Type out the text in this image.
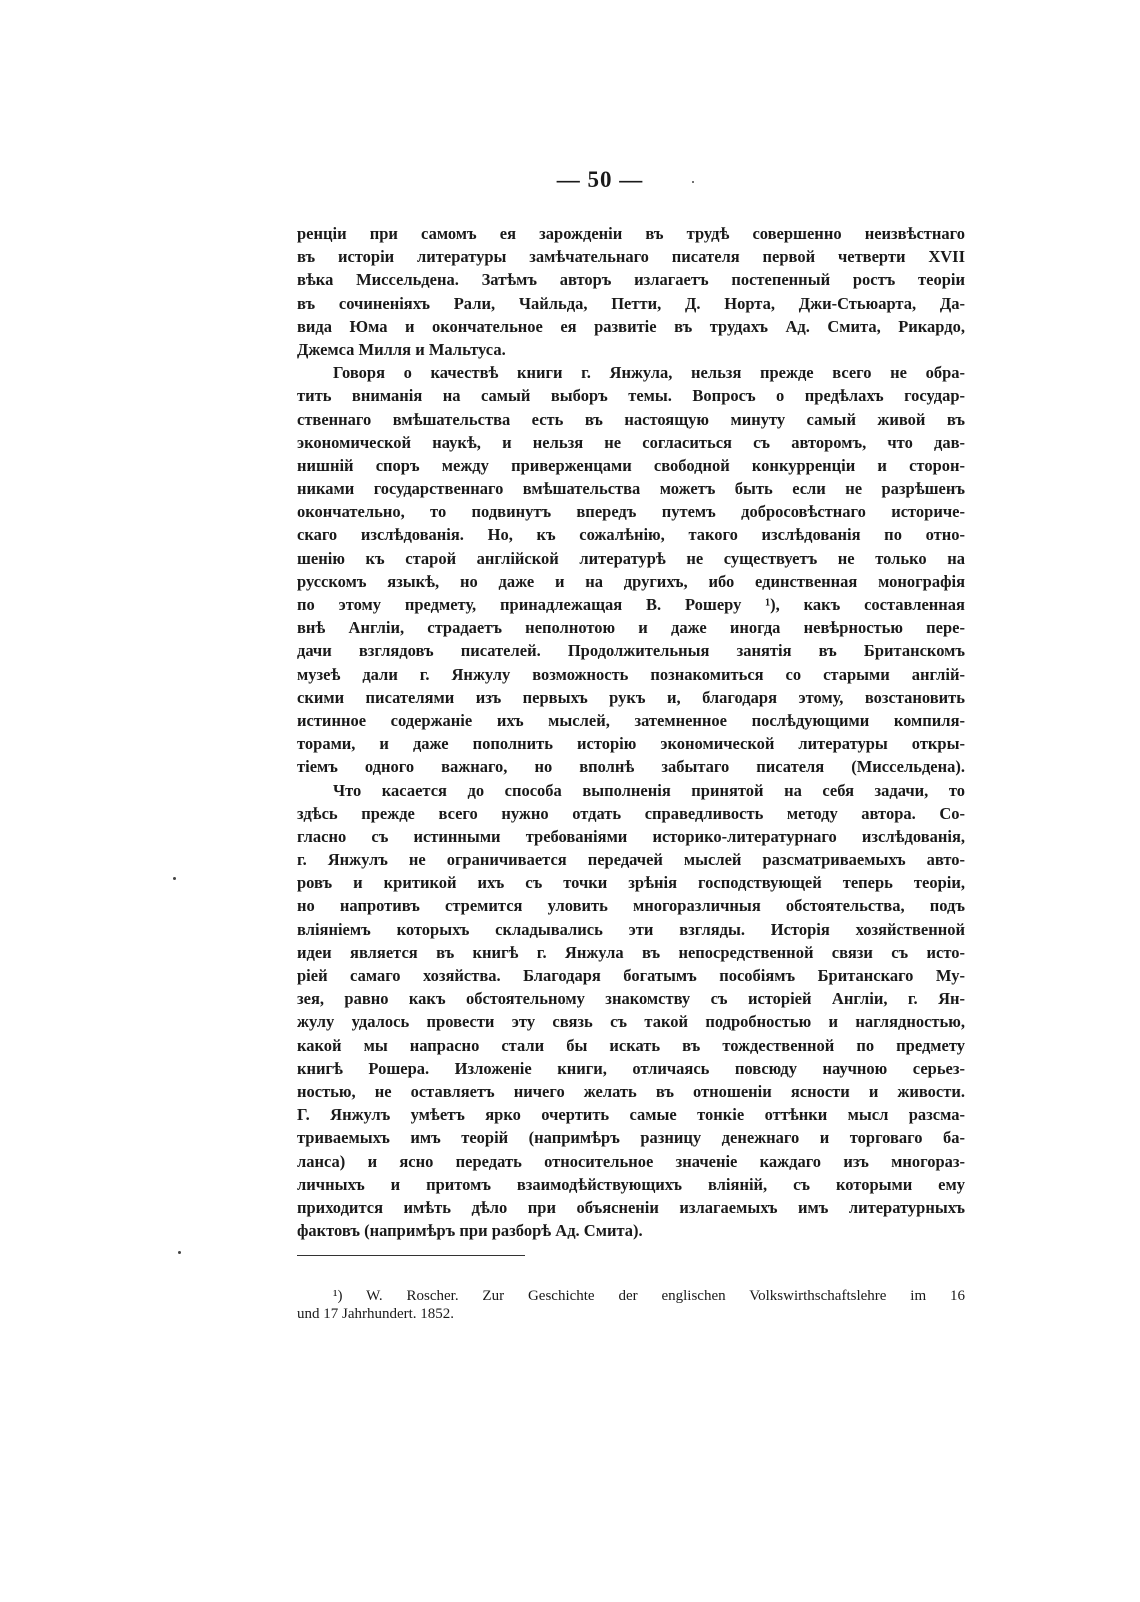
— 50 —
ренціи при самомъ ея зарожденіи въ трудѣ совершенно неизвѣстнаго
въ исторіи литературы замѣчательнаго писателя первой четверти XVII
вѣка Миссельдена. Затѣмъ авторъ излагаетъ постепенный ростъ теоріи
въ сочиненіяхъ Рали, Чайльда, Петти, Д. Норта, Джи-Стьюарта, Да-
вида Юма и окончательное ея развитіе въ трудахъ Ад. Смита, Рикардо,
Джемса Милля и Мальтуса.
Говоря о качествѣ книги г. Янжула, нельзя прежде всего не обра-
тить вниманія на самый выборъ темы. Вопросъ о предѣлахъ государ-
ственнаго вмѣшательства есть въ настоящую минуту самый живой въ
экономической наукѣ, и нельзя не согласиться съ авторомъ, что дав-
нишній споръ между приверженцами свободной конкурренціи и сторон-
никами государственнаго вмѣшательства можетъ быть если не разрѣшенъ
окончательно, то подвинутъ впередъ путемъ добросовѣстнаго историче-
скаго изслѣдованія. Но, къ сожалѣнію, такого изслѣдованія по отно-
шенію къ старой англійской литературѣ не существуетъ не только на
русскомъ языкѣ, но даже и на другихъ, ибо единственная монографія
по этому предмету, принадлежащая В. Рошеру ¹), какъ составленная
внѣ Англіи, страдаетъ неполнотою и даже иногда невѣрностью пере-
дачи взглядовъ писателей. Продолжительныя занятія въ Британскомъ
музеѣ дали г. Янжулу возможность познакомиться со старыми англій-
скими писателями изъ первыхъ рукъ и, благодаря этому, возстановить
истинное содержаніе ихъ мыслей, затемненное послѣдующими компиля-
торами, и даже пополнить исторію экономической литературы откры-
тіемъ одного важнаго, но вполнѣ забытаго писателя (Миссельдена).
Что касается до способа выполненія принятой на себя задачи, то
здѣсь прежде всего нужно отдать справедливость методу автора. Со-
гласно съ истинными требованіями историко-литературнаго изслѣдованія,
г. Янжулъ не ограничивается передачей мыслей разсматриваемыхъ авто-
ровъ и критикой ихъ съ точки зрѣнія господствующей теперь теоріи,
но напротивъ стремится уловить многоразличныя обстоятельства, подъ
вліяніемъ которыхъ складывались эти взгляды. Исторія хозяйственной
идеи является въ книгѣ г. Янжула въ непосредственной связи съ исто-
ріей самаго хозяйства. Благодаря богатымъ пособіямъ Британскаго Му-
зея, равно какъ обстоятельному знакомству съ исторіей Англіи, г. Ян-
жулу удалось провести эту связь съ такой подробностью и наглядностью,
какой мы напрасно стали бы искать въ тождественной по предмету
книгѣ Рошера. Изложеніе книги, отличаясь повсюду научною серьез-
ностью, не оставляетъ ничего желать въ отношеніи ясности и живости.
Г. Янжулъ умѣетъ ярко очертить самые тонкіе оттѣнки мысл разсма-
триваемыхъ имъ теорій (напримѣръ разницу денежнаго и торговаго ба-
ланса) и ясно передать относительное значеніе каждаго изъ многораз-
личныхъ и притомъ взаимодѣйствующихъ вліяній, съ которыми ему
приходится имѣть дѣло при объясненіи излагаемыхъ имъ литературныхъ
фактовъ (напримѣръ при разборѣ Ад. Смита).
¹) W. Roscher. Zur Geschichte der englischen Volkswirthschaftslehre im 16
und 17 Jahrhundert. 1852.
